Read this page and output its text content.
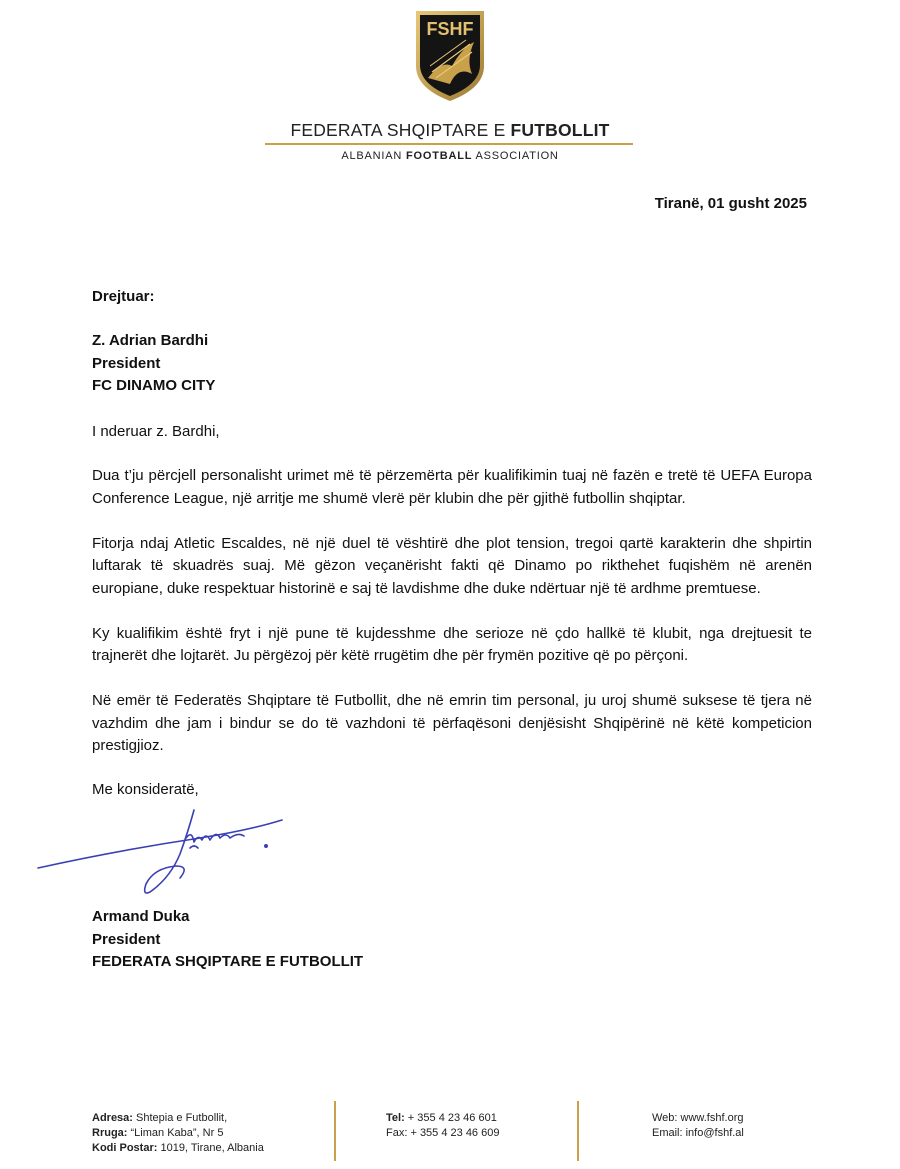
FSHF
FEDERATA SHQIPTARE E FUTBOLLIT
ALBANIAN FOOTBALL ASSOCIATION
Tiranë, 01 gusht 2025
Drejtuar:
Z. Adrian Bardhi
President
FC DINAMO CITY
I nderuar z. Bardhi,

Dua t’ju përcjell personalisht urimet më të përzemërta për kualifikimin tuaj në fazën e tretë të UEFA Europa Conference League, një arritje me shumë vlerë për klubin dhe për gjithë futbollin shqiptar.

Fitorja ndaj Atletic Escaldes, në një duel të vështirë dhe plot tension, tregoi qartë karakterin dhe shpirtin luftarak të skuadrës suaj. Më gëzon veçanërisht fakti që Dinamo po rikthehet fuqishëm në arenën europiane, duke respektuar historinë e saj të lavdishme dhe duke ndërtuar një të ardhme premtuese.

Ky kualifikim është fryt i një pune të kujdesshme dhe serioze në çdo hallkë të klubit, nga drejtuesit te trajnerët dhe lojtarët. Ju përgëzoj për këtë rrugëtim dhe për frymën pozitive që po përçoni.

Në emër të Federatës Shqiptare të Futbollit, dhe në emrin tim personal, ju uroj shumë suksese të tjera në vazhdim dhe jam i bindur se do të vazhdoni të përfaqësoni denjësisht Shqipërinë në këtë kompeticion prestigjioz.

Me konsideratë,
Armand Duka
President
FEDERATA SHQIPTARE E FUTBOLLIT
Adresa: Shtepia e Futbollit,
Rruga: “Liman Kaba”, Nr 5
Kodi Postar: 1019, Tirane, Albania
Tel: + 355 4 23 46 601
Fax: + 355 4 23 46 609
Web: www.fshf.org
Email: info@fshf.al
